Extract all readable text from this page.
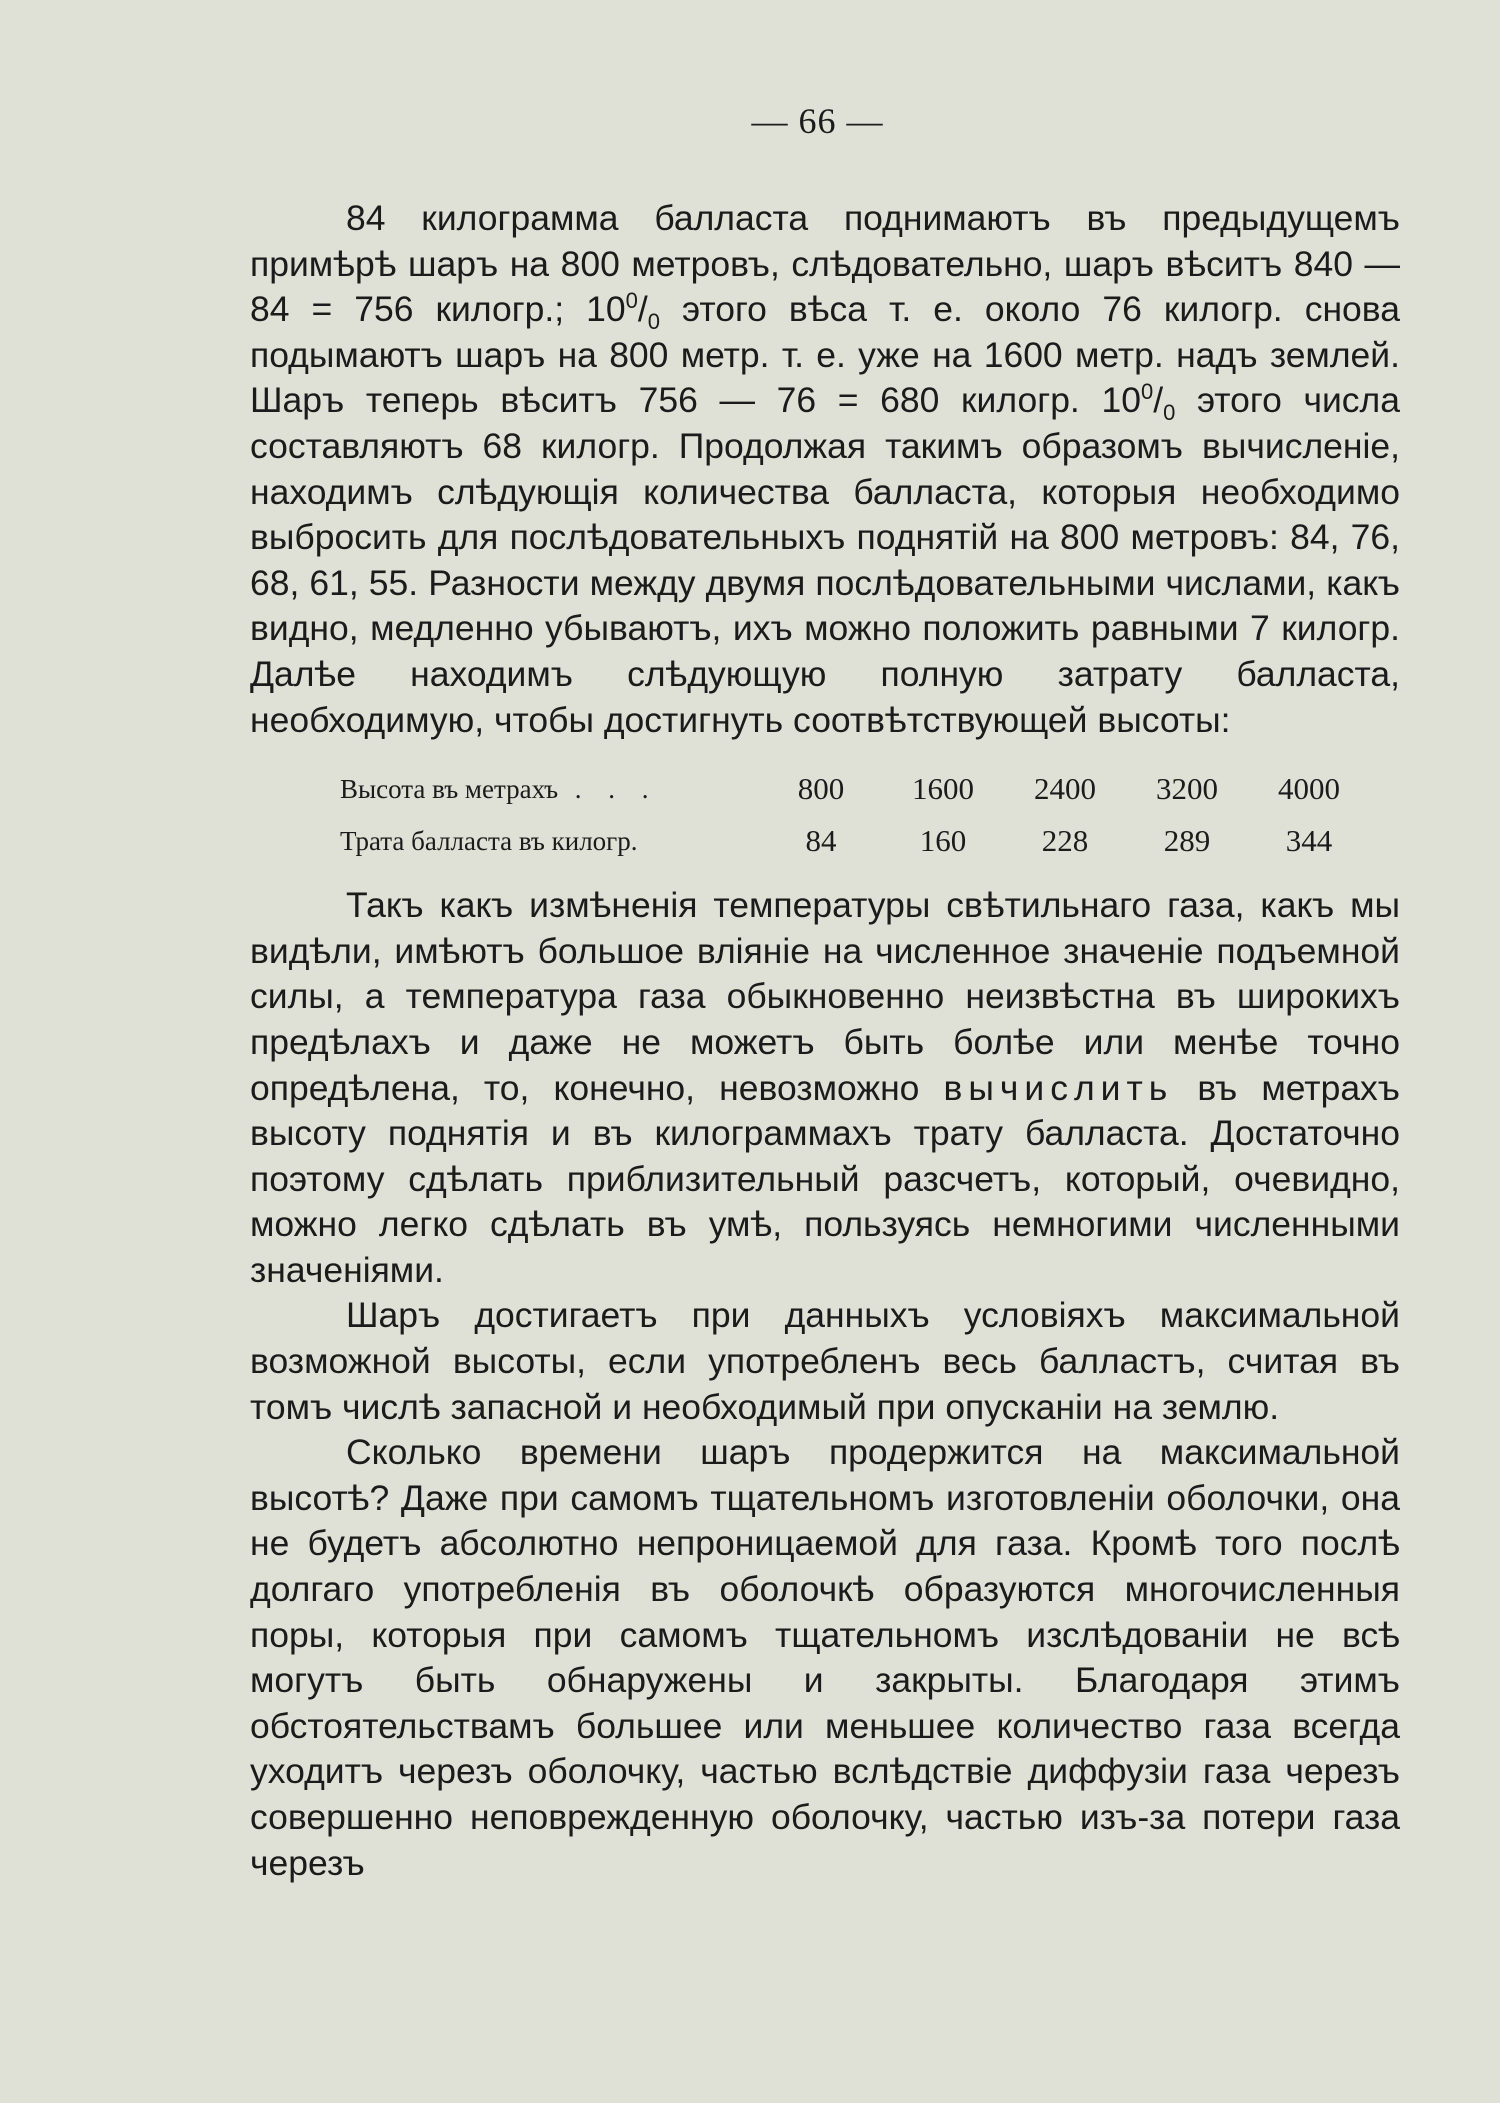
— 66 —

84 килограмма балласта поднимаютъ въ предыдущемъ примѣрѣ шаръ на 800 метровъ, слѣдовательно, шаръ вѣситъ 840 — 84 = 756 килогр.; $10^0/_0$ этого вѣса т. е. около 76 килогр. снова подымаютъ шаръ на 800 метр. т. е. уже на 1600 метр. надъ землей. Шаръ теперь вѣситъ 756 — 76 = 680 килогр. $10^0/_0$ этого числа составляютъ 68 килогр. Продолжая такимъ образомъ вычисленіе, находимъ слѣдующія количества балласта, которыя необходимо выбросить для послѣдовательныхъ поднятій на 800 метровъ: 84, 76, 68, 61, 55. Разности между двумя послѣдовательными числами, какъ видно, медленно убываютъ, ихъ можно положить равными 7 килогр. Далѣе находимъ слѣдующую полную затрату балласта, необходимую, чтобы достигнуть соотвѣтствующей высоты:

Высота въ метрахъ . . .	800	1600	2400	3200	4000
Трата балласта въ килогр.	84	160	228	289	344

Такъ какъ измѣненія температуры свѣтильнаго газа, какъ мы видѣли, имѣютъ большое вліяніе на численное значеніе подъемной силы, а температура газа обыкновенно неизвѣстна въ широкихъ предѣлахъ и даже не можетъ быть болѣе или менѣе точно опредѣлена, то, конечно, невозможно вычислить въ метрахъ высоту поднятія и въ килограммахъ трату балласта. Достаточно поэтому сдѣлать приблизительный разсчетъ, который, очевидно, можно легко сдѣлать въ умѣ, пользуясь немногими численными значеніями.

Шаръ достигаетъ при данныхъ условіяхъ максимальной возможной высоты, если употребленъ весь балластъ, считая въ томъ числѣ запасной и необходимый при опусканіи на землю.

Сколько времени шаръ продержится на максимальной высотѣ? Даже при самомъ тщательномъ изготовленіи оболочки, она не будетъ абсолютно непроницаемой для газа. Кромѣ того послѣ долгаго употребленія въ оболочкѣ образуются многочисленныя поры, которыя при самомъ тщательномъ изслѣдованіи не всѣ могутъ быть обнаружены и закрыты. Благодаря этимъ обстоятельствамъ большее или меньшее количество газа всегда уходитъ черезъ оболочку, частью вслѣдствіе диффузіи газа черезъ совершенно неповрежденную оболочку, частью изъ-за потери газа черезъ
